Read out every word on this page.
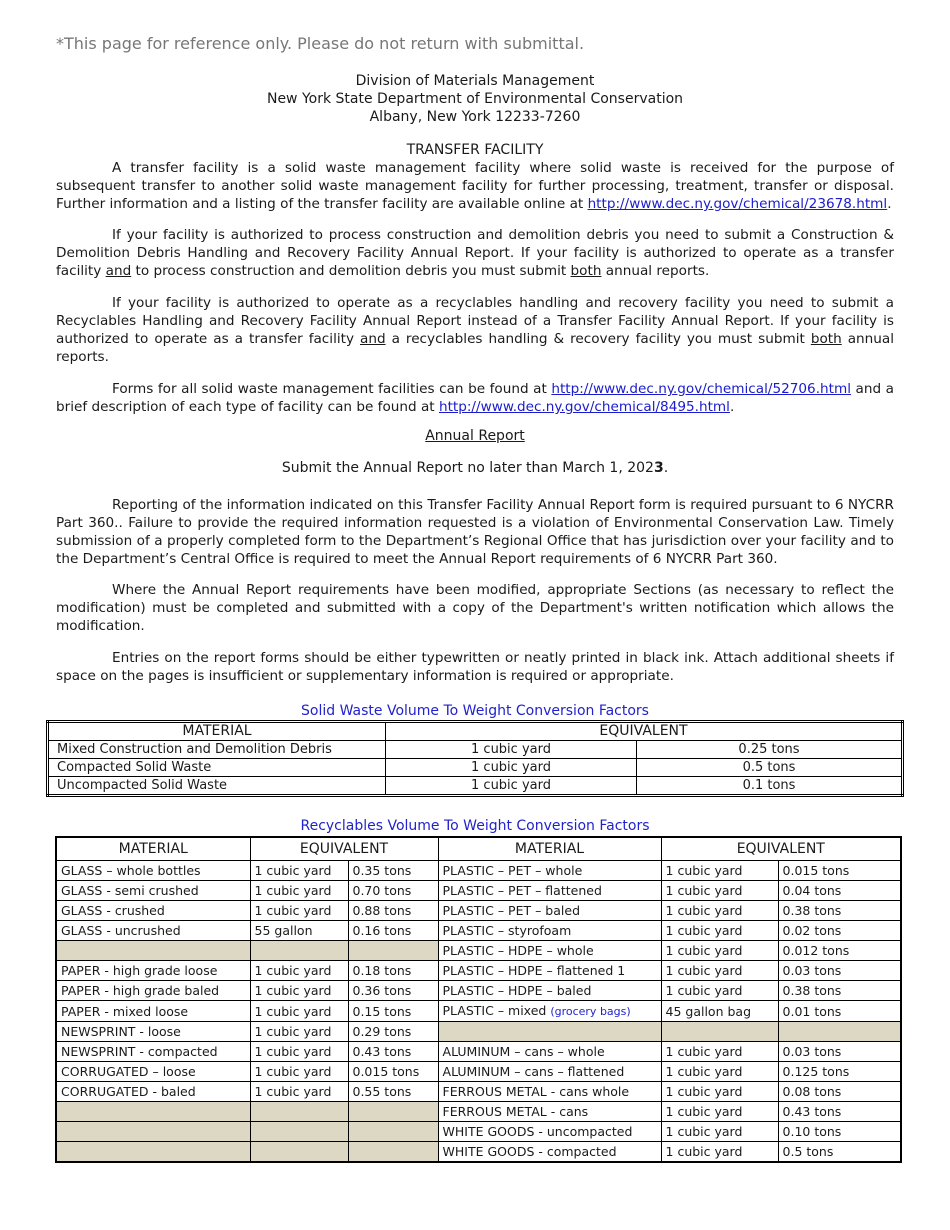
*This page for reference only. Please do not return with submittal.
Division of Materials Management
New York State Department of Environmental Conservation
Albany, New York 12233-7260
TRANSFER FACILITY
A transfer facility is a solid waste management facility where solid waste is received for the purpose of subsequent transfer to another solid waste management facility for further processing, treatment, transfer or disposal. Further information and a listing of the transfer facility are available online at http://www.dec.ny.gov/chemical/23678.html.
If your facility is authorized to process construction and demolition debris you need to submit a Construction & Demolition Debris Handling and Recovery Facility Annual Report. If your facility is authorized to operate as a transfer facility and to process construction and demolition debris you must submit both annual reports.
If your facility is authorized to operate as a recyclables handling and recovery facility you need to submit a Recyclables Handling and Recovery Facility Annual Report instead of a Transfer Facility Annual Report. If your facility is authorized to operate as a transfer facility and a recyclables handling & recovery facility you must submit both annual reports.
Forms for all solid waste management facilities can be found at http://www.dec.ny.gov/chemical/52706.html and a brief description of each type of facility can be found at http://www.dec.ny.gov/chemical/8495.html.
Annual Report
Submit the Annual Report no later than March 1, 2023.
Reporting of the information indicated on this Transfer Facility Annual Report form is required pursuant to 6 NYCRR Part 360.. Failure to provide the required information requested is a violation of Environmental Conservation Law. Timely submission of a properly completed form to the Department’s Regional Office that has jurisdiction over your facility and to the Department’s Central Office is required to meet the Annual Report requirements of 6 NYCRR Part 360.
Where the Annual Report requirements have been modified, appropriate Sections (as necessary to reflect the modification) must be completed and submitted with a copy of the Department's written notification which allows the modification.
Entries on the report forms should be either typewritten or neatly printed in black ink. Attach additional sheets if space on the pages is insufficient or supplementary information is required or appropriate.
Solid Waste Volume To Weight Conversion Factors
MATERIAL	EQUIVALENT	
Mixed Construction and Demolition Debris	1 cubic yard	0.25 tons
Compacted Solid Waste	1 cubic yard	0.5 tons
Uncompacted Solid Waste	1 cubic yard	0.1 tons
Recyclables Volume To Weight Conversion Factors
MATERIAL	EQUIVALENT		MATERIAL	EQUIVALENT	
GLASS – whole bottles	1 cubic yard	0.35 tons	PLASTIC – PET – whole	1 cubic yard	0.015 tons
GLASS - semi crushed	1 cubic yard	0.70 tons	PLASTIC – PET – flattened	1 cubic yard	0.04 tons
GLASS - crushed	1 cubic yard	0.88 tons	PLASTIC – PET – baled	1 cubic yard	0.38 tons
GLASS - uncrushed	55 gallon	0.16 tons	PLASTIC – styrofoam	1 cubic yard	0.02 tons
			PLASTIC – HDPE – whole	1 cubic yard	0.012 tons
PAPER - high grade loose	1 cubic yard	0.18 tons	PLASTIC – HDPE – flattened 1	1 cubic yard	0.03 tons
PAPER - high grade baled	1 cubic yard	0.36 tons	PLASTIC – HDPE – baled	1 cubic yard	0.38 tons
PAPER - mixed loose	1 cubic yard	0.15 tons	PLASTIC – mixed (grocery bags)	45 gallon bag	0.01 tons
NEWSPRINT - loose	1 cubic yard	0.29 tons			
NEWSPRINT - compacted	1 cubic yard	0.43 tons	ALUMINUM – cans – whole	1 cubic yard	0.03 tons
CORRUGATED – loose	1 cubic yard	0.015 tons	ALUMINUM – cans – flattened	1 cubic yard	0.125 tons
CORRUGATED - baled	1 cubic yard	0.55 tons	FERROUS METAL - cans whole	1 cubic yard	0.08 tons
			FERROUS METAL - cans	1 cubic yard	0.43 tons
			WHITE GOODS - uncompacted	1 cubic yard	0.10 tons
			WHITE GOODS - compacted	1 cubic yard	0.5 tons
